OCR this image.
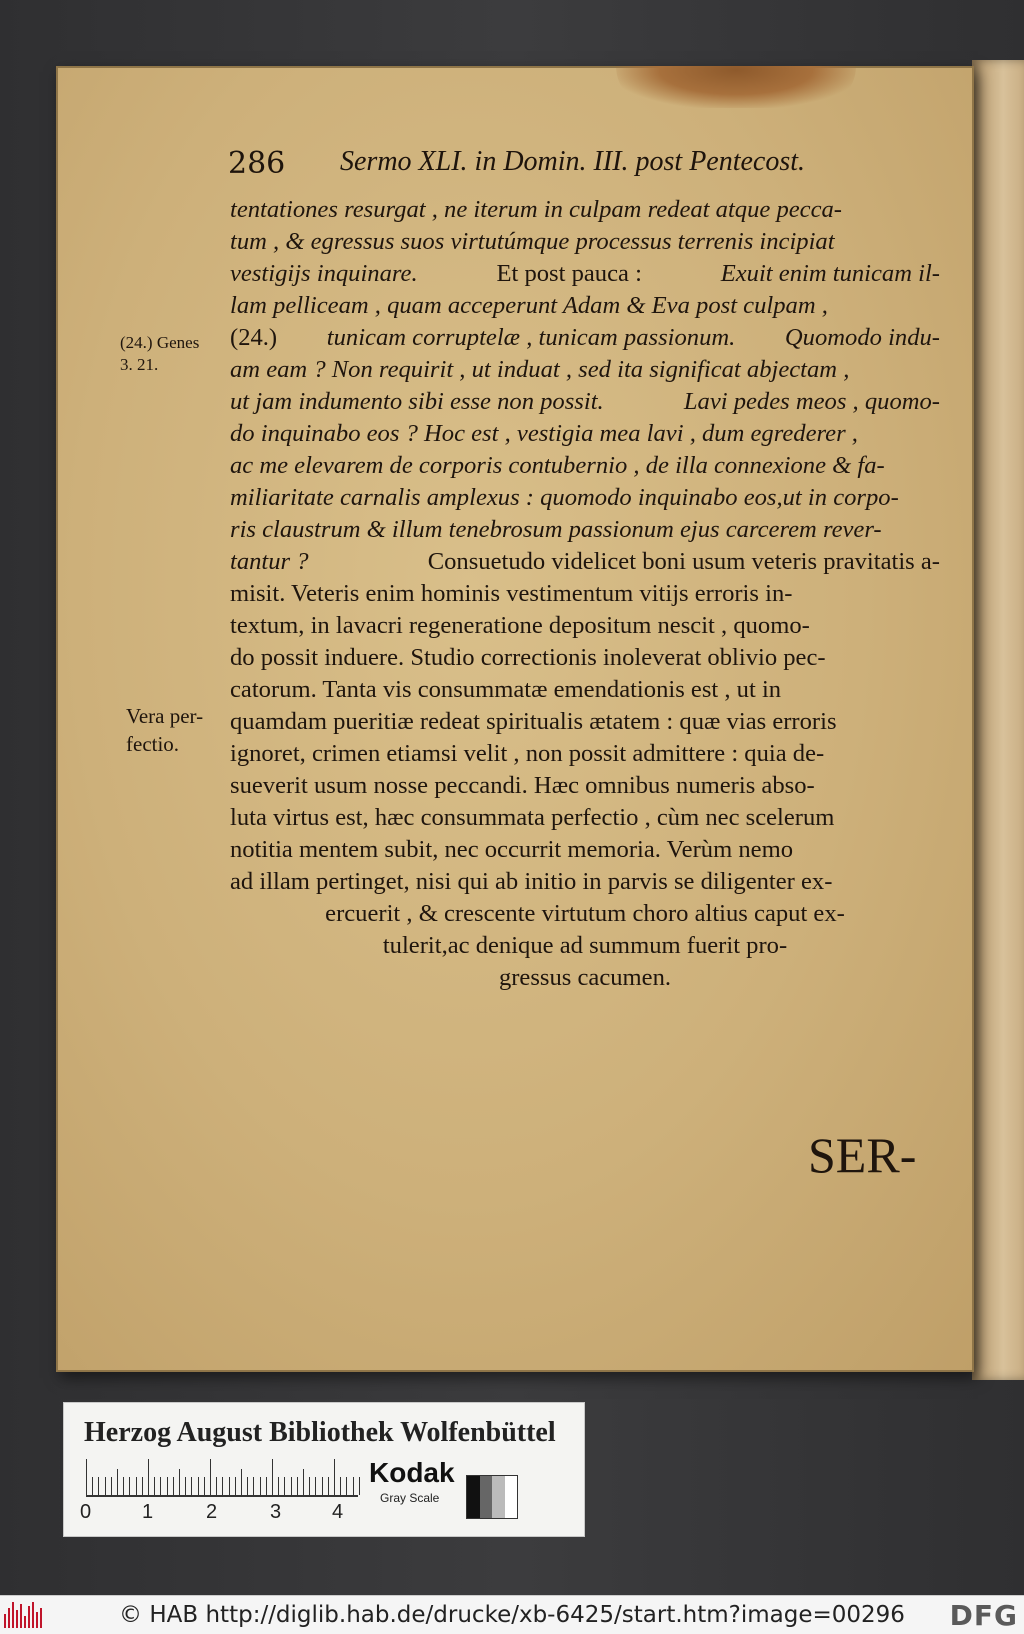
286 Sermo XLI. in Domin. III. post Pentecost.
(24.) Genes
3. 21.
Vera per-
fectio.
tentationes resurgat , ne iterum in culpam redeat atque pecca-
tum , & egressus suos virtutúmque processus terrenis incipiat
vestigijs inquinare.	Et post pauca :	Exuit enim tunicam il-
lam pelliceam , quam acceperunt Adam & Eva post culpam ,
(24.) tunicam corruptelæ , tunicam passionum. Quomodo indu-
am eam ? Non requirit , ut induat , sed ita significat abjectam ,
ut jam indumento sibi esse non possit.	Lavi pedes meos , quomo-
do inquinabo eos ? Hoc est , vestigia mea lavi , dum egrederer ,
ac me elevarem de corporis contubernio , de illa connexione & fa-
miliaritate carnalis amplexus : quomodo inquinabo eos,ut in corpo-
ris claustrum & illum tenebrosum passionum ejus carcerem rever-
tantur ?	Consuetudo videlicet boni usum veteris pravitatis a-
misit. Veteris enim hominis vestimentum vitijs erroris in-
textum, in lavacri regeneratione depositum nescit , quomo-
do possit induere. Studio correctionis inoleverat oblivio pec-
catorum. Tanta vis consummatæ emendationis est , ut in
quamdam pueritiæ redeat spiritualis ætatem : quæ vias erroris
ignoret, crimen etiamsi velit , non possit admittere : quia de-
sueverit usum nosse peccandi. Hæc omnibus numeris abso-
luta virtus est, hæc consummata perfectio , cùm nec scelerum
notitia mentem subit, nec occurrit memoria. Verùm nemo
ad illam pertinget, nisi qui ab initio in parvis se diligenter ex-
ercuerit , & crescente virtutum choro altius caput ex-
tulerit,ac denique ad summum fuerit pro-
gressus cacumen.
SER-
Herzog August Bibliothek Wolfenbüttel
0	1	2	3	4
Kodak
Gray Scale
© HAB http://diglib.hab.de/drucke/xb-6425/start.htm?image=00296	DFG
